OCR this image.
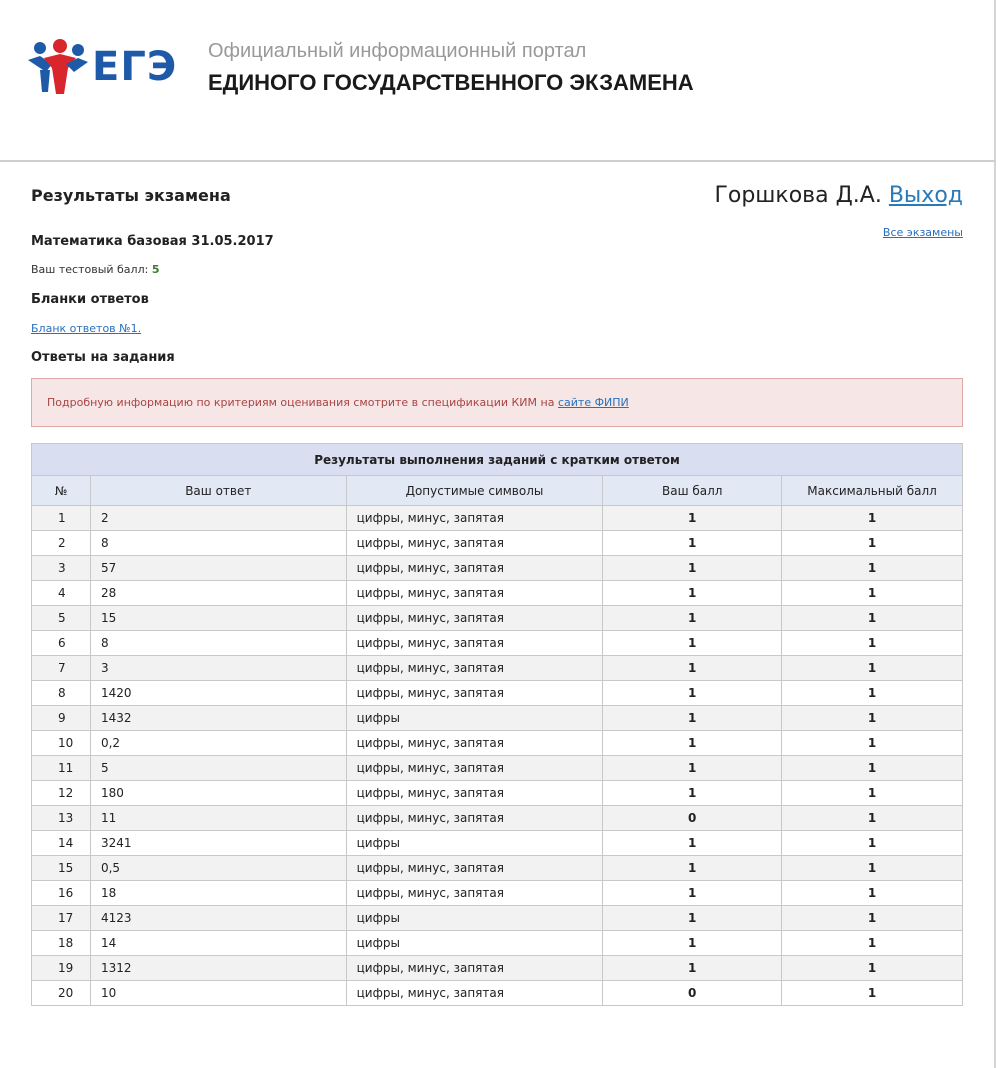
ЕГЭ Официальный информационный портал
ЕДИНОГО ГОСУДАРСТВЕННОГО ЭКЗАМЕНА
Результаты экзамена	Горшкова Д.А. Выход
Все экзамены
Математика базовая 31.05.2017
Ваш тестовый балл: 5
Бланки ответов
Бланк ответов №1.
Ответы на задания
Подробную информацию по критериям оценивания смотрите в спецификации КИМ на сайте ФИПИ
Результаты выполнения заданий с кратким ответом				
№	Ваш ответ	Допустимые символы	Ваш балл	Максимальный балл
1	2	цифры, минус, запятая	1	1
2	8	цифры, минус, запятая	1	1
3	57	цифры, минус, запятая	1	1
4	28	цифры, минус, запятая	1	1
5	15	цифры, минус, запятая	1	1
6	8	цифры, минус, запятая	1	1
7	3	цифры, минус, запятая	1	1
8	1420	цифры, минус, запятая	1	1
9	1432	цифры	1	1
10	0,2	цифры, минус, запятая	1	1
11	5	цифры, минус, запятая	1	1
12	180	цифры, минус, запятая	1	1
13	11	цифры, минус, запятая	0	1
14	3241	цифры	1	1
15	0,5	цифры, минус, запятая	1	1
16	18	цифры, минус, запятая	1	1
17	4123	цифры	1	1
18	14	цифры	1	1
19	1312	цифры, минус, запятая	1	1
20	10	цифры, минус, запятая	0	1
